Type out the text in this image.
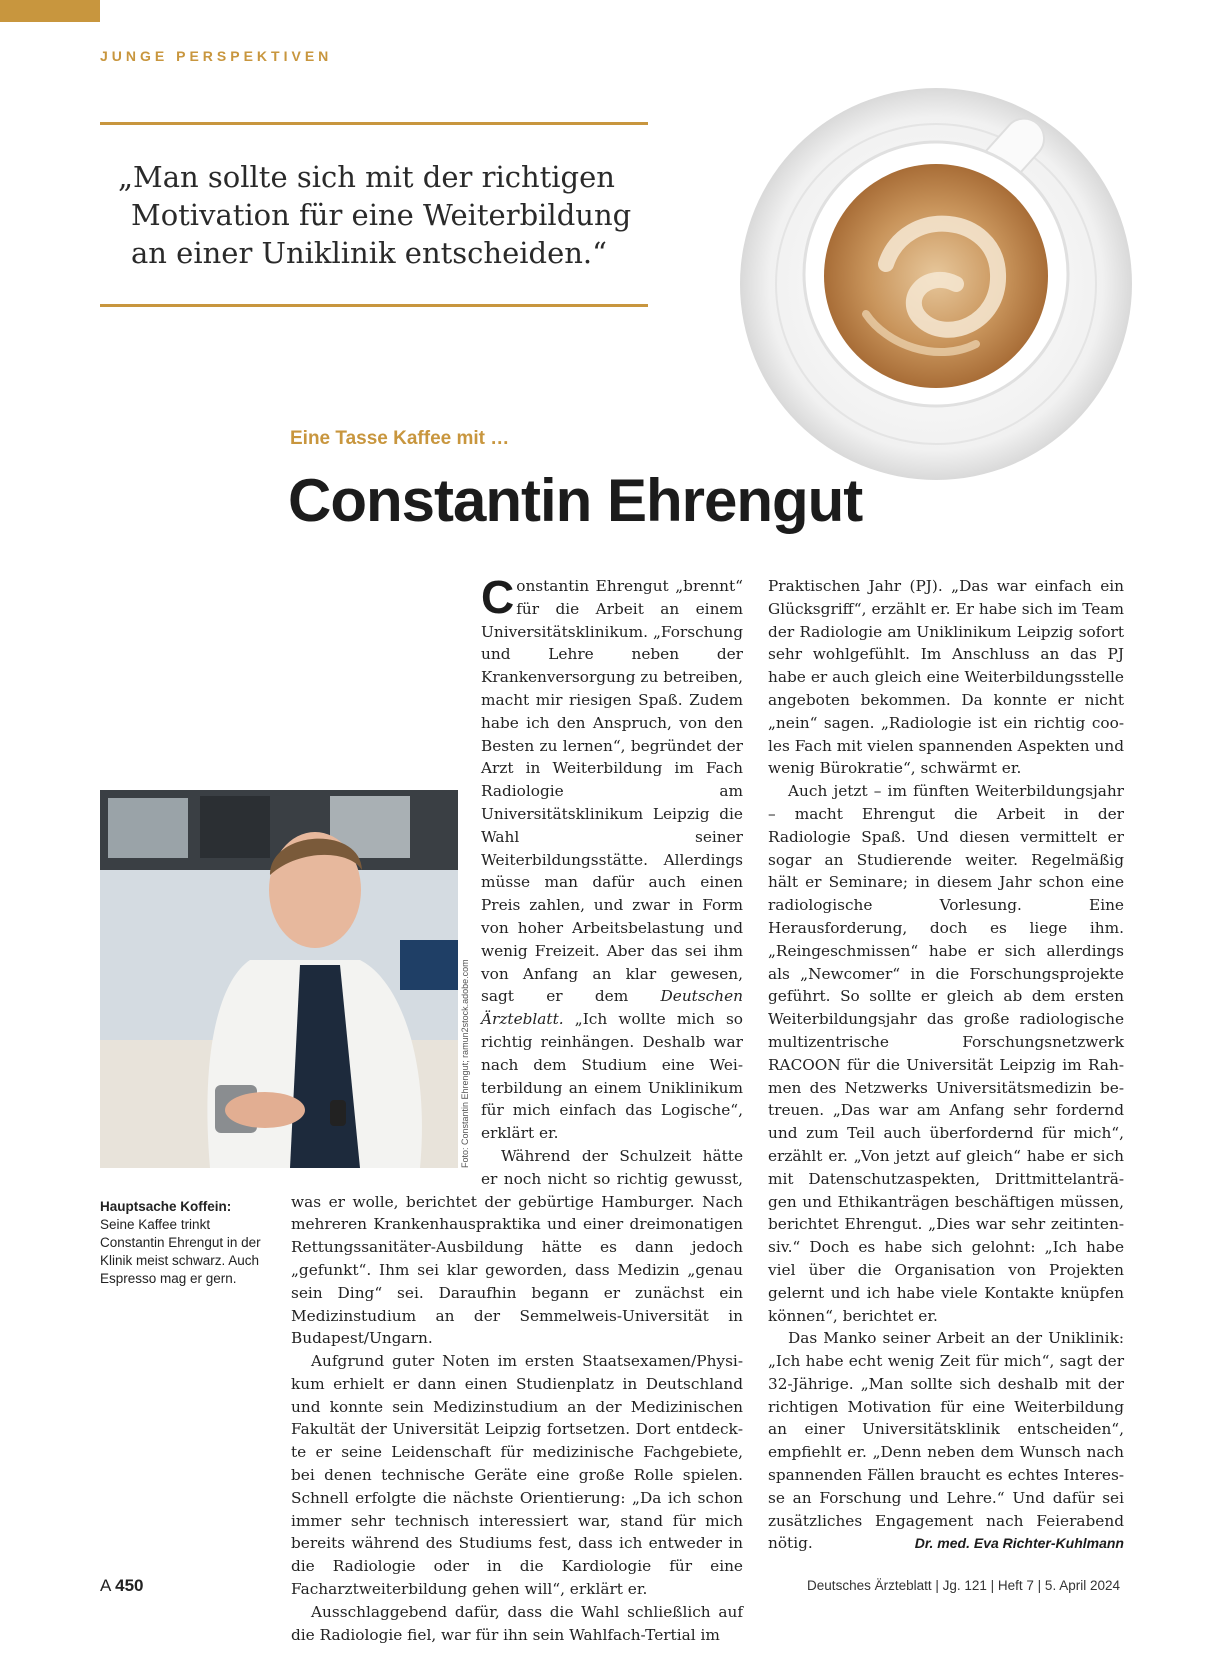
JUNGE PERSPEKTIVEN
„Man sollte sich mit der richtigen
Motivation für eine Weiterbildung
an einer Uniklinik entscheiden.“
Eine Tasse Kaffee mit …
Constantin Ehrengut

Constantin Ehrengut „brennt“ für die Arbeit an einem Universitätsklinikum. „Forschung und Lehre neben der Krankenversorgung zu betreiben, macht mir riesigen Spaß. Zudem habe ich den Anspruch, von den Besten zu lernen“, begründet der Arzt in Weiterbildung im Fach Radiologie am Universitätsklinikum Leipzig die Wahl seiner Weiterbildungsstätte. Allerdings müsse man dafür auch einen Preis zahlen, und zwar in Form von hoher Arbeitsbelastung und wenig Freizeit. Aber das sei ihm von Anfang an klar gewesen, sagt er dem Deutschen Ärzteblatt. „Ich wollte mich so richtig reinhängen. Deshalb war nach dem Studium eine Weiterbildung an einem Uniklinikum für mich einfach das Logische“, erklärt er.

Während der Schulzeit hätte er noch nicht so richtig gewusst, was er wolle, berichtet der gebürtige Hamburger. Nach mehreren Krankenhauspraktika und einer dreimonatigen Rettungssanitäter-Ausbildung hätte es dann jedoch „gefunkt“. Ihm sei klar geworden, dass Medizin „genau sein Ding“ sei. Daraufhin begann er zunächst ein Medizinstudium an der Semmelweis-Universität in Budapest/Ungarn.

Aufgrund guter Noten im ersten Staatsexamen/Physikum erhielt er dann einen Studienplatz in Deutschland und konnte sein Medizinstudium an der Medizinischen Fakultät der Universität Leipzig fortsetzen. Dort entdeckte er seine Leidenschaft für medizinische Fachgebiete, bei denen technische Geräte eine große Rolle spielen. Schnell erfolgte die nächste Orientierung: „Da ich schon immer sehr technisch interessiert war, stand für mich bereits während des Studiums fest, dass ich entweder in die Radiologie oder in die Kardiologie für eine Facharztweiterbildung gehen will“, erklärt er.

Ausschlaggebend dafür, dass die Wahl schließlich auf die Radiologie fiel, war für ihn sein Wahlfach-Tertial im

Praktischen Jahr (PJ). „Das war einfach ein Glücksgriff“, erzählt er. Er habe sich im Team der Radiologie am Uniklinikum Leipzig sofort sehr wohlgefühlt. Im Anschluss an das PJ habe er auch gleich eine Weiterbildungsstelle angeboten bekommen. Da konnte er nicht „nein“ sagen. „Radiologie ist ein richtig cooles Fach mit vielen spannenden Aspekten und wenig Bürokratie“, schwärmt er.

Auch jetzt – im fünften Weiterbildungsjahr – macht Ehrengut die Arbeit in der Radiologie Spaß. Und diesen vermittelt er sogar an Studierende weiter. Regelmäßig hält er Seminare; in diesem Jahr schon eine radiologische Vorlesung. Eine Herausforderung, doch es liege ihm. „Reingeschmissen“ habe er sich allerdings als „Newcomer“ in die Forschungsprojekte geführt. So sollte er gleich ab dem ersten Weiterbildungsjahr das große radiologische multizentrische Forschungsnetzwerk RACOON für die Universität Leipzig im Rahmen des Netzwerks Universitätsmedizin betreuen. „Das war am Anfang sehr fordernd und zum Teil auch überfordernd für mich“, erzählt er. „Von jetzt auf gleich“ habe er sich mit Datenschutzaspekten, Drittmittelanträgen und Ethikanträgen beschäftigen müssen, berichtet Ehrengut. „Dies war sehr zeitintensiv.“ Doch es habe sich gelohnt: „Ich habe viel über die Organisation von Projekten gelernt und ich habe viele Kontakte knüpfen können“, berichtet er.

Das Manko seiner Arbeit an der Uniklinik: „Ich habe echt wenig Zeit für mich“, sagt der 32-Jährige. „Man sollte sich deshalb mit der richtigen Motivation für eine Weiterbildung an einer Universitätsklinik entscheiden“, empfiehlt er. „Denn neben dem Wunsch nach spannenden Fällen braucht es echtes Interesse an Forschung und Lehre.“ Und dafür sei zusätzliches Engagement nach Feierabend nötig.	Dr. med. Eva Richter-Kuhlmann

Foto: Constantin Ehrengut; ramun2stock.adobe.com
Hauptsache Koffein:
Seine Kaffee trinkt Constantin Ehrengut in der Klinik meist schwarz. Auch Espresso mag er gern.
A 450	Deutsches Ärzteblatt | Jg. 121 | Heft 7 | 5. April 2024
